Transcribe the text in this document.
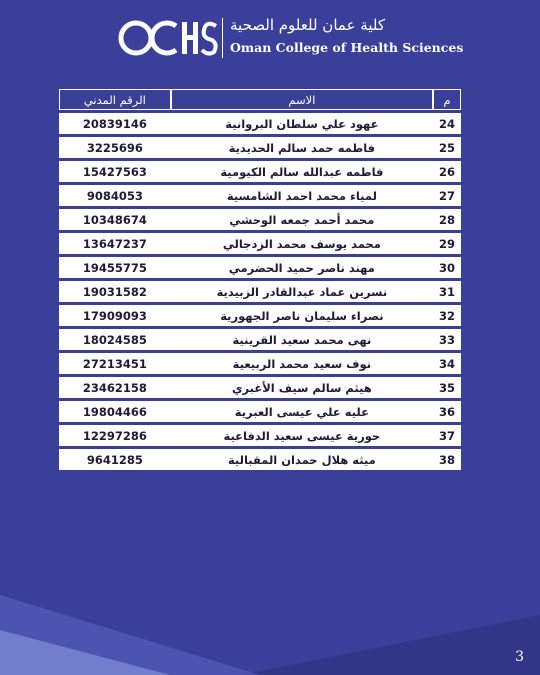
كلية عمان للعلوم الصحية
Oman College of Health Sciences
م	الاسم	الرقم المدني
24	عهود علي سلطان البروانية	20839146
25	فاطمه حمد سالم الحديدية	3225696
26	فاطمه عبدالله سالم الكيومية	15427563
27	لمياء محمد احمد الشامسية	9084053
28	محمد أحمد جمعه الوحشي	10348674
29	محمد يوسف محمد الزدجالي	13647237
30	مهند ناصر حميد الحضرمي	19455775
31	نسرين عماد عبدالقادر الزبيدية	19031582
32	نصراء سليمان ناصر الجهورية	17909093
33	نهى محمد سعيد القرينية	18024585
34	نوف سعيد محمد الربيعية	27213451
35	هيثم سالم سيف الأغبري	23462158
36	عليه علي عيسى العبرية	19804466
37	حورية عيسى سعيد الدفاعية	12297286
38	ميثه هلال حمدان المقبالية	9641285
3
